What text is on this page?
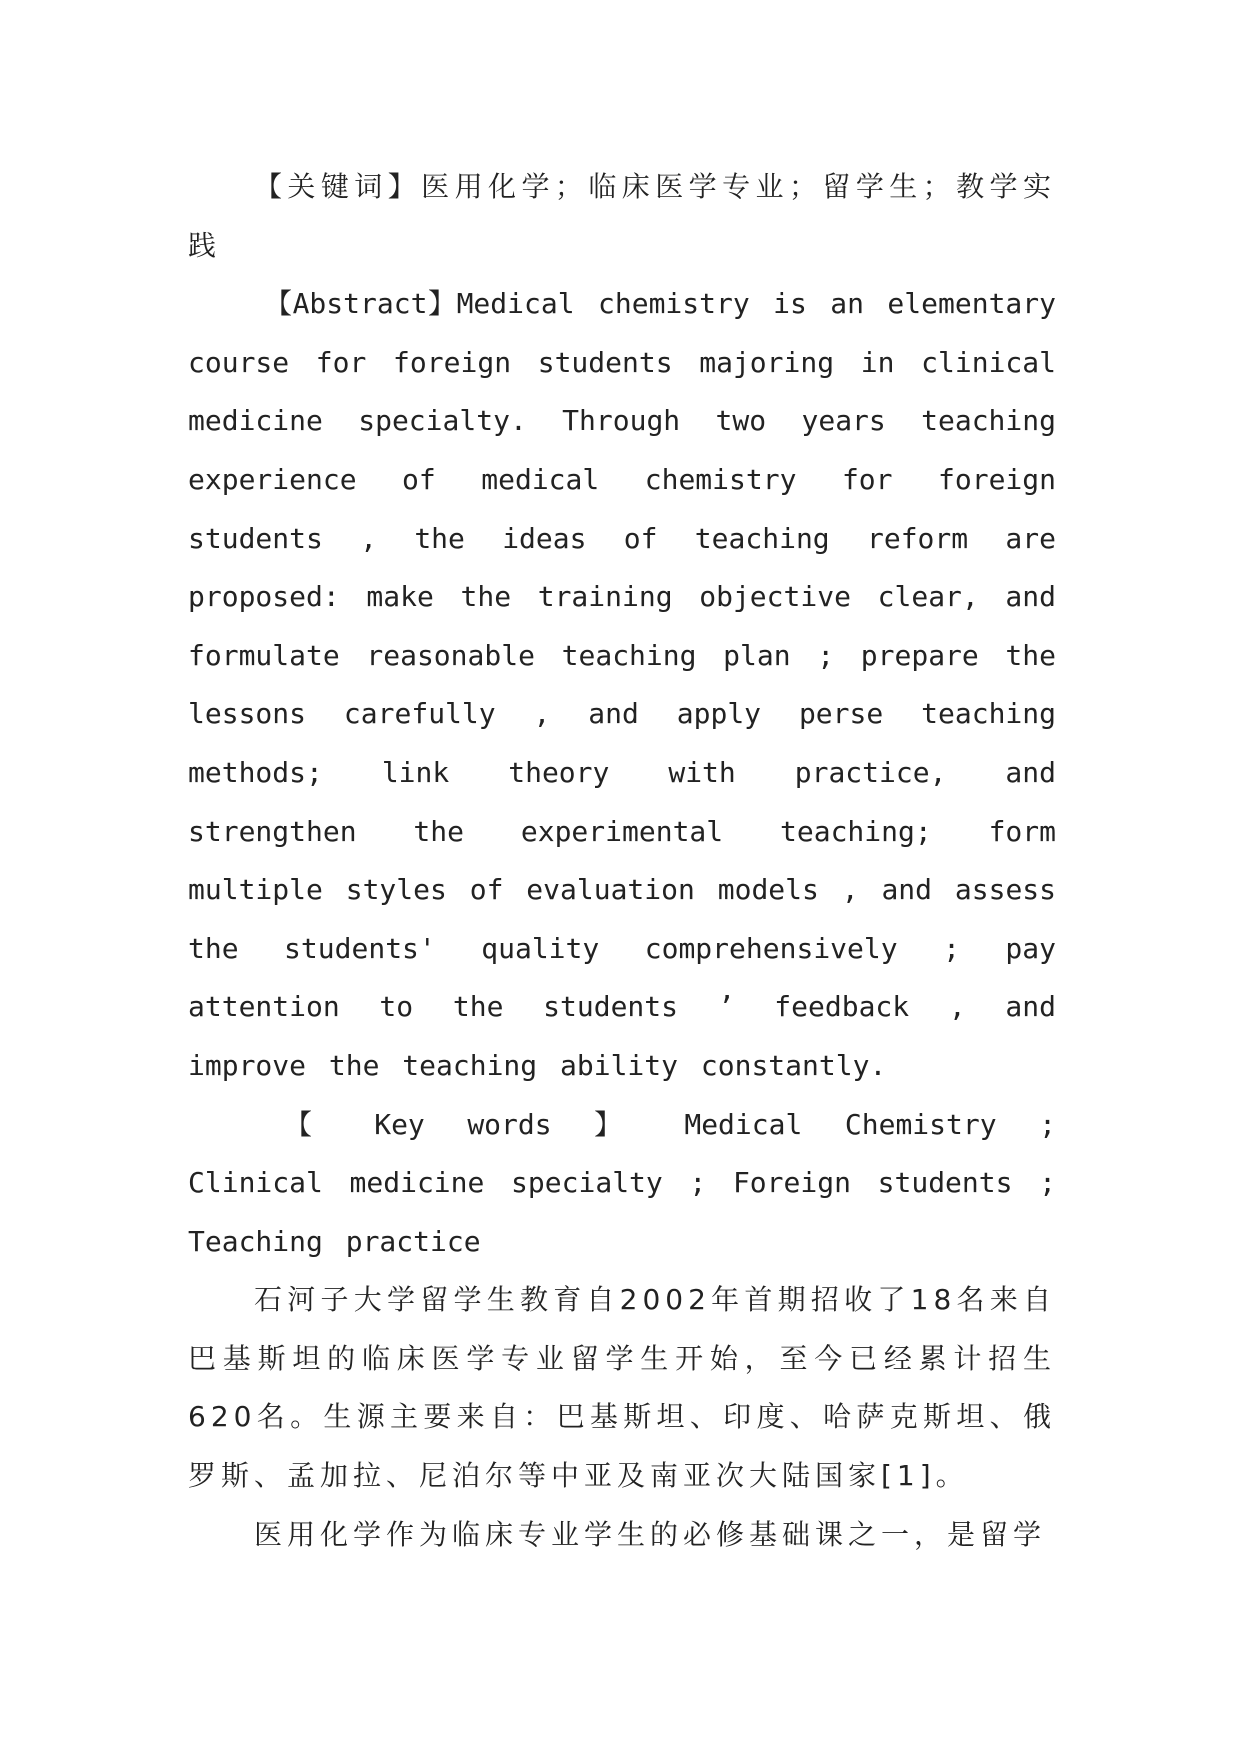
【关键词】医用化学；临床医学专业；留学生；教学实践

【Abstract】Medical chemistry is an elementary course for foreign students majoring in clinical medicine specialty. Through two years teaching experience of medical chemistry for foreign students , the ideas of teaching reform are proposed: make the training objective clear, and formulate reasonable teaching plan ; prepare the lessons carefully , and apply perse teaching methods; link theory with practice, and strengthen the experimental teaching; form multiple styles of evaluation models , and assess the students' quality comprehensively ; pay attention to the students ’ feedback , and improve the teaching ability constantly.

【 Key words 】 Medical Chemistry ; Clinical medicine specialty ; Foreign students ; Teaching practice

石河子大学留学生教育自2002年首期招收了18名来自巴基斯坦的临床医学专业留学生开始，至今已经累计招生620名。生源主要来自：巴基斯坦、印度、哈萨克斯坦、俄罗斯、孟加拉、尼泊尔等中亚及南亚次大陆国家[1]。

医用化学作为临床专业学生的必修基础课之一，是留学
